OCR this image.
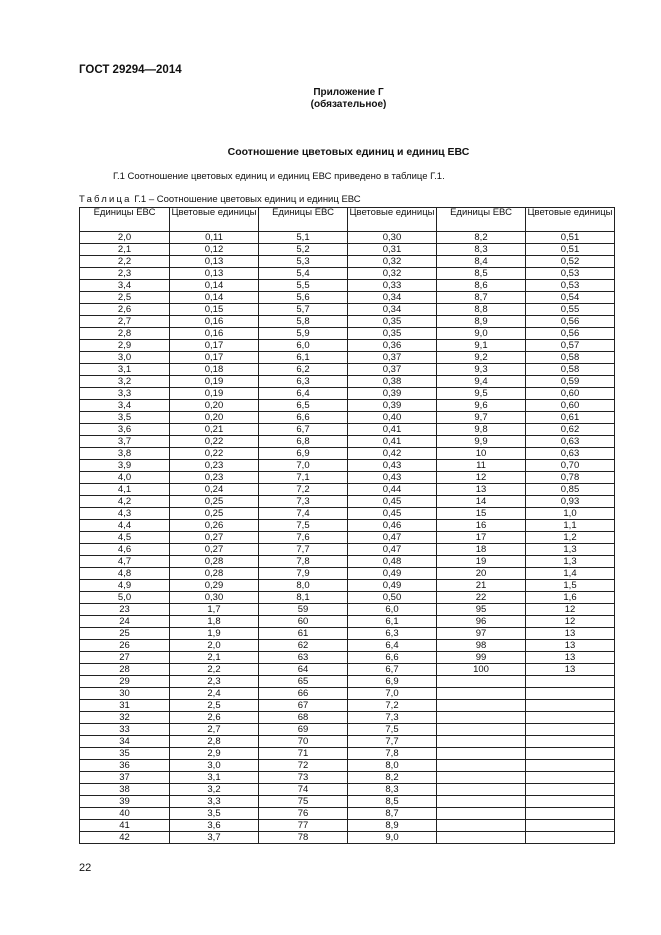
ГОСТ 29294—2014
Приложение Г
(обязательное)
Соотношение цветовых единиц и единиц ЕВС
Г.1 Соотношение цветовых единиц и единиц ЕВС приведено в таблице Г.1.
Таблица Г.1 – Соотношение цветовых единиц и единиц ЕВС
Единицы ЕВС	Цветовые единицы	Единицы ЕВС	Цветовые единицы	Единицы ЕВС	Цветовые единицы
2,0	0,11	5,1	0,30	8,2	0,51
2,1	0,12	5,2	0,31	8,3	0,51
2,2	0,13	5,3	0,32	8,4	0,52
2,3	0,13	5,4	0,32	8,5	0,53
3,4	0,14	5,5	0,33	8,6	0,53
2,5	0,14	5,6	0,34	8,7	0,54
2,6	0,15	5,7	0,34	8,8	0,55
2,7	0,16	5,8	0,35	8,9	0,56
2,8	0,16	5,9	0,35	9,0	0,56
2,9	0,17	6,0	0,36	9,1	0,57
3,0	0,17	6,1	0,37	9,2	0,58
3,1	0,18	6,2	0,37	9,3	0,58
3,2	0,19	6,3	0,38	9,4	0,59
3,3	0,19	6,4	0,39	9,5	0,60
3,4	0,20	6,5	0,39	9,6	0,60
3,5	0,20	6,6	0,40	9,7	0,61
3,6	0,21	6,7	0,41	9,8	0,62
3,7	0,22	6,8	0,41	9,9	0,63
3,8	0,22	6,9	0,42	10	0,63
3,9	0,23	7,0	0,43	11	0,70
4,0	0,23	7,1	0,43	12	0,78
4,1	0,24	7,2	0,44	13	0,85
4,2	0,25	7,3	0,45	14	0,93
4,3	0,25	7,4	0,45	15	1,0
4,4	0,26	7,5	0,46	16	1,1
4,5	0,27	7,6	0,47	17	1,2
4,6	0,27	7,7	0,47	18	1,3
4,7	0,28	7,8	0,48	19	1,3
4,8	0,28	7,9	0,49	20	1,4
4,9	0,29	8,0	0,49	21	1,5
5,0	0,30	8,1	0,50	22	1,6
23	1,7	59	6,0	95	12
24	1,8	60	6,1	96	12
25	1,9	61	6,3	97	13
26	2,0	62	6,4	98	13
27	2,1	63	6,6	99	13
28	2,2	64	6,7	100	13
29	2,3	65	6,9		
30	2,4	66	7,0		
31	2,5	67	7,2		
32	2,6	68	7,3		
33	2,7	69	7,5		
34	2,8	70	7,7		
35	2,9	71	7,8		
36	3,0	72	8,0		
37	3,1	73	8,2		
38	3,2	74	8,3		
39	3,3	75	8,5		
40	3,5	76	8,7		
41	3,6	77	8,9		
42	3,7	78	9,0		
22
